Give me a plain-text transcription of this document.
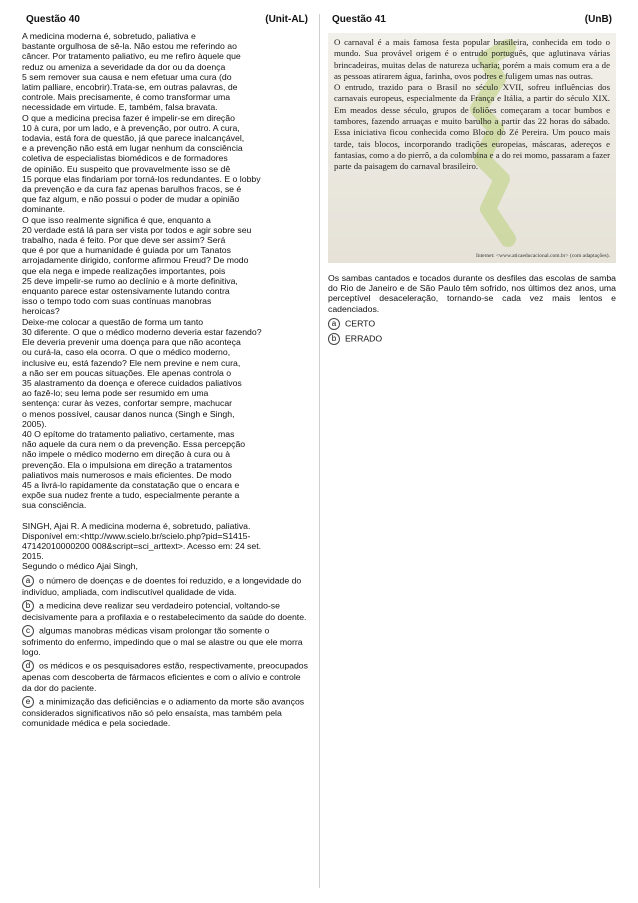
Questão 40	(Unit-AL)

A medicina moderna é, sobretudo, paliativa e
bastante orgulhosa de sê-la. Não estou me referindo ao
câncer. Por tratamento paliativo, eu me refiro àquele que
reduz ou ameniza a severidade da dor ou da doença
5 sem remover sua causa e nem efetuar uma cura (do
latim palliare, encobrir).Trata-se, em outras palavras, de
controle. Mais precisamente, é como transformar uma
necessidade em virtude. E, também, falsa bravata.
O que a medicina precisa fazer é impelir-se em direção
10 à cura, por um lado, e à prevenção, por outro. A cura,
todavia, está fora de questão, já que parece inalcançável,
e a prevenção não está em lugar nenhum da consciência
coletiva de especialistas biomédicos e de formadores
de opinião. Eu suspeito que provavelmente isso se dê
15 porque elas findariam por torná-los redundantes. E o lobby
da prevenção e da cura faz apenas barulhos fracos, se é
que faz algum, e não possui o poder de mudar a opinião
dominante.
O que isso realmente significa é que, enquanto a
20 verdade está lá para ser vista por todos e agir sobre seu
trabalho, nada é feito. Por que deve ser assim? Será
que é por que a humanidade é guiada por um Tanatos
arrojadamente dirigido, conforme afirmou Freud? De modo
que ela nega e impede realizações importantes, pois
25 deve impelir-se rumo ao declínio e à morte definitiva,
enquanto parece estar ostensivamente lutando contra
isso o tempo todo com suas contínuas manobras
heroicas?
Deixe-me colocar a questão de forma um tanto
30 diferente. O que o médico moderno deveria estar fazendo?
Ele deveria prevenir uma doença para que não aconteça
ou curá-la, caso ela ocorra. O que o médico moderno,
inclusive eu, está fazendo? Ele nem previne e nem cura,
a não ser em poucas situações. Ele apenas controla o
35 alastramento da doença e oferece cuidados paliativos
ao fazê-lo; seu lema pode ser resumido em uma
sentença: curar às vezes, confortar sempre, machucar
o menos possível, causar danos nunca (Singh e Singh,
2005).
40 O epítome do tratamento paliativo, certamente, mas
não aquele da cura nem o da prevenção. Essa percepção
não impele o médico moderno em direção à cura ou à
prevenção. Ela o impulsiona em direção a tratamentos
paliativos mais numerosos e mais eficientes. De modo
45 a livrá-lo rapidamente da constatação que o encara e
expõe sua nudez frente a tudo, especialmente perante a
sua consciência.

SINGH, Ajai R. A medicina moderna é, sobretudo, paliativa.
Disponível em:<http://www.scielo.br/scielo.php?pid=S1415-
47142010000200 008&script=sci_arttext>. Acesso em: 24 set.
2015.

Segundo o médico Ajai Singh,

a o número de doenças e de doentes foi reduzido, e a longevidade do indivíduo, ampliada, com indiscutível qualidade de vida.
b a medicina deve realizar seu verdadeiro potencial, voltando-se decisivamente para a profilaxia e o restabelecimento da saúde do doente.
c algumas manobras médicas visam prolongar tão somente o sofrimento do enfermo, impedindo que o mal se alastre ou que ele morra logo.
d os médicos e os pesquisadores estão, respectivamente, preocupados apenas com descoberta de fármacos eficientes e com o alívio e controle da dor do paciente.
e a minimização das deficiências e o adiamento da morte são avanços considerados significativos não só pelo ensaísta, mas também pela comunidade médica e pela sociedade.
Questão 41	(UnB)
O carnaval é a mais famosa festa popular brasileira, conhecida em todo o mundo. Sua provável origem é o entrudo português, que aglutinava várias brincadeiras, muitas delas de natureza ucharia; porém a mais comum era a de as pessoas atirarem água, farinha, ovos podres e fuligem umas nas outras.
O entrudo, trazido para o Brasil no século XVII, sofreu influências dos carnavais europeus, especialmente da França e Itália, a partir do século XIX. Em meados desse século, grupos de foliões começaram a tocar bumbos e tambores, fazendo arruaças e muito barulho a partir das 22 horas do sábado. Essa iniciativa ficou conhecida como Bloco do Zé Pereira. Um pouco mais tarde, tais blocos, incorporando tradições europeias, máscaras, adereços e fantasias, como a do pierrô, a da colombina e a do rei momo, passaram a fazer parte da paisagem do carnaval brasileiro.
Internet: <www.aticaeducacional.com.br> (com adaptações).

Os sambas cantados e tocados durante os desfiles das escolas de samba do Rio de Janeiro e de São Paulo têm sofrido, nos últimos dez anos, uma perceptível desaceleração, tornando-se cada vez mais lentos e cadenciados.

a CERTO
b ERRADO
